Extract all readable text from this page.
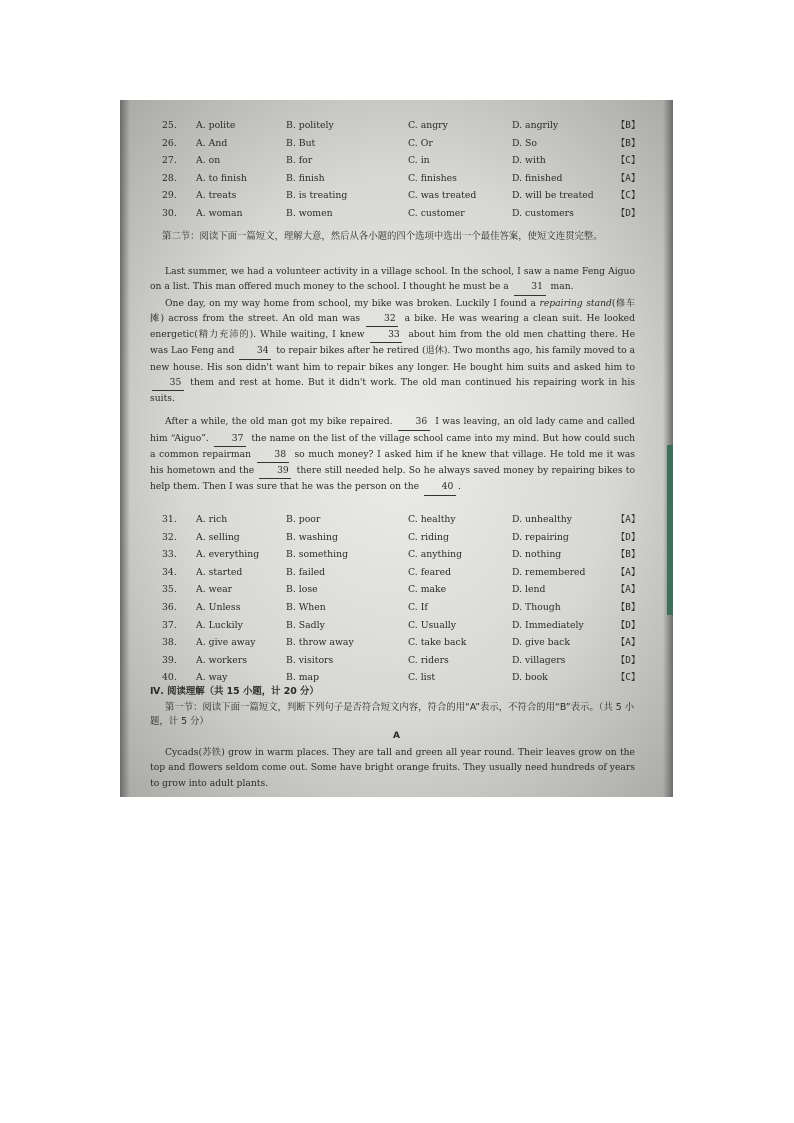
25. A. polite	B. politely	C. angry	D. angrily	【B】
26. A. And	B. But	C. Or	D. So	【B】
27. A. on	B. for	C. in	D. with	【C】
28. A. to finish	B. finish	C. finishes	D. finished	【A】
29. A. treats	B. is treating	C. was treated	D. will be treated 【C】
30. A. woman	B. women	C. customer	D. customers	【D】
第二节：阅读下面一篇短文，理解大意，然后从各小题的四个选项中选出一个最佳答案，使短文连贯完整。

Last summer, we had a volunteer activity in a village school. In the school, I saw a name Feng Aiguo on a list. This man offered much money to the school. I thought he must be a 31 man.

One day, on my way home from school, my bike was broken. Luckily I found a repairing stand(修车摊) across from the street. An old man was	32 a bike. He was wearing a clean suit. He looked energetic(精力充沛的). While waiting, I knew	33 about him from the old men chatting there. He was Lao Feng and 34 to repair bikes after he retired (退休). Two months ago, his family moved to a new house. His son didn't want him to repair bikes any longer. He bought him suits and asked him to 35 them and rest at home. But it didn't work. The old man continued his repairing work in his suits.

After a while, the old man got my bike repaired. 36 I was leaving, an old lady came and called him “Aiguo”. 37 the name on the list of the village school came into my mind. But how could such a common repairman	38 so much money? I asked him if he knew that village. He told me it was his hometown and the 39 there still needed help. So he always saved money by repairing bikes to help them. Then I was sure that he was the person on the 40 .

31. A. rich	B. poor	C. healthy	D. unhealthy	【A】
32. A. selling	B. washing	C. riding	D. repairing	【D】
33. A. everything	B. something	C. anything	D. nothing	【B】
34. A. started	B. failed	C. feared	D. remembered	【A】
35. A. wear	B. lose	C. make	D. lend	【A】
36. A. Unless	B. When	C. If	D. Though	【B】
37. A. Luckily	B. Sadly	C. Usually	D. Immediately	【D】
38. A. give away	B. throw away	C. take back	D. give back	【A】
39. A. workers	B. visitors	C. riders	D. villagers	【D】
40. A. way	B. map	C. list	D. book	【C】
Ⅳ. 阅读理解（共 15 小题，计 20 分）
第一节：阅读下面一篇短文，判断下列句子是否符合短文内容，符合的用“A”表示，不符合的用“B”表示。（共 5 小题，计 5 分）
A

Cycads(苏铁) grow in warm places. They are tall and green all year round. Their leaves grow on the top and flowers seldom come out. Some have bright orange fruits. They usually need hundreds of years to grow into adult plants.
